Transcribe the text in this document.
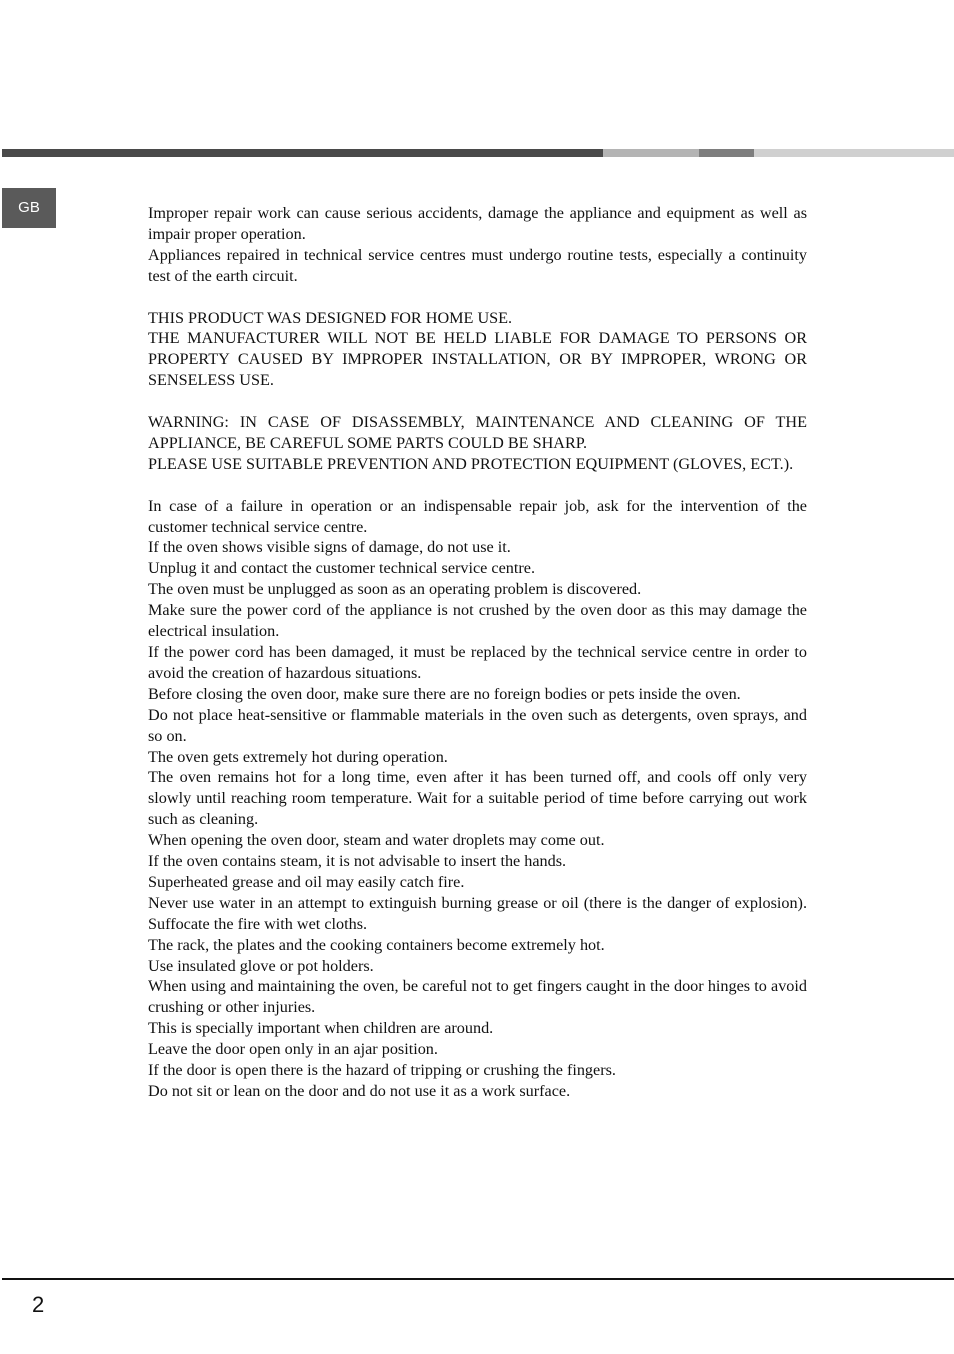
GB	Improper repair work can cause serious accidents, damage the appliance and equipment as well as impair proper operation.

Appliances repaired in technical service centres must undergo routine tests, especially a continuity test of the earth circuit.

THIS PRODUCT WAS DESIGNED FOR HOME USE.

THE MANUFACTURER WILL NOT BE HELD LIABLE FOR DAMAGE TO PERSONS OR PROPERTY CAUSED BY IMPROPER INSTALLATION, OR BY IMPROPER, WRONG OR SENSELESS USE.

WARNING: IN CASE OF DISASSEMBLY, MAINTENANCE AND CLEANING OF THE APPLIANCE, BE CAREFUL SOME PARTS COULD BE SHARP.

PLEASE USE SUITABLE PREVENTION AND PROTECTION EQUIPMENT (GLOVES, ECT.).

In case of a failure in operation or an indispensable repair job, ask for the intervention of the customer technical service centre.

If the oven shows visible signs of damage, do not use it.

Unplug it and contact the customer technical service centre.

The oven must be unplugged as soon as an operating problem is discovered.

Make sure the power cord of the appliance is not crushed by the oven door as this may damage the electrical insulation.

If the power cord has been damaged, it must be replaced by the technical service centre in order to avoid the creation of hazardous situations.

Before closing the oven door, make sure there are no foreign bodies or pets inside the oven.

Do not place heat-sensitive or flammable materials in the oven such as detergents, oven sprays, and so on.

The oven gets extremely hot during operation.

The oven remains hot for a long time, even after it has been turned off, and cools off only very slowly until reaching room temperature. Wait for a suitable period of time before carrying out work such as cleaning.

When opening the oven door, steam and water droplets may come out.

If the oven contains steam, it is not advisable to insert the hands.

Superheated grease and oil may easily catch fire.

Never use water in an attempt to extinguish burning grease or oil (there is the danger of explosion). Suffocate the fire with wet cloths.

The rack, the plates and the cooking containers become extremely hot.

Use insulated glove or pot holders.

When using and maintaining the oven, be careful not to get fingers caught in the door hinges to avoid crushing or other injuries.

This is specially important when children are around.

Leave the door open only in an ajar position.

If the door is open there is the hazard of tripping or crushing the fingers.

Do not sit or lean on the door and do not use it as a work surface.

2
